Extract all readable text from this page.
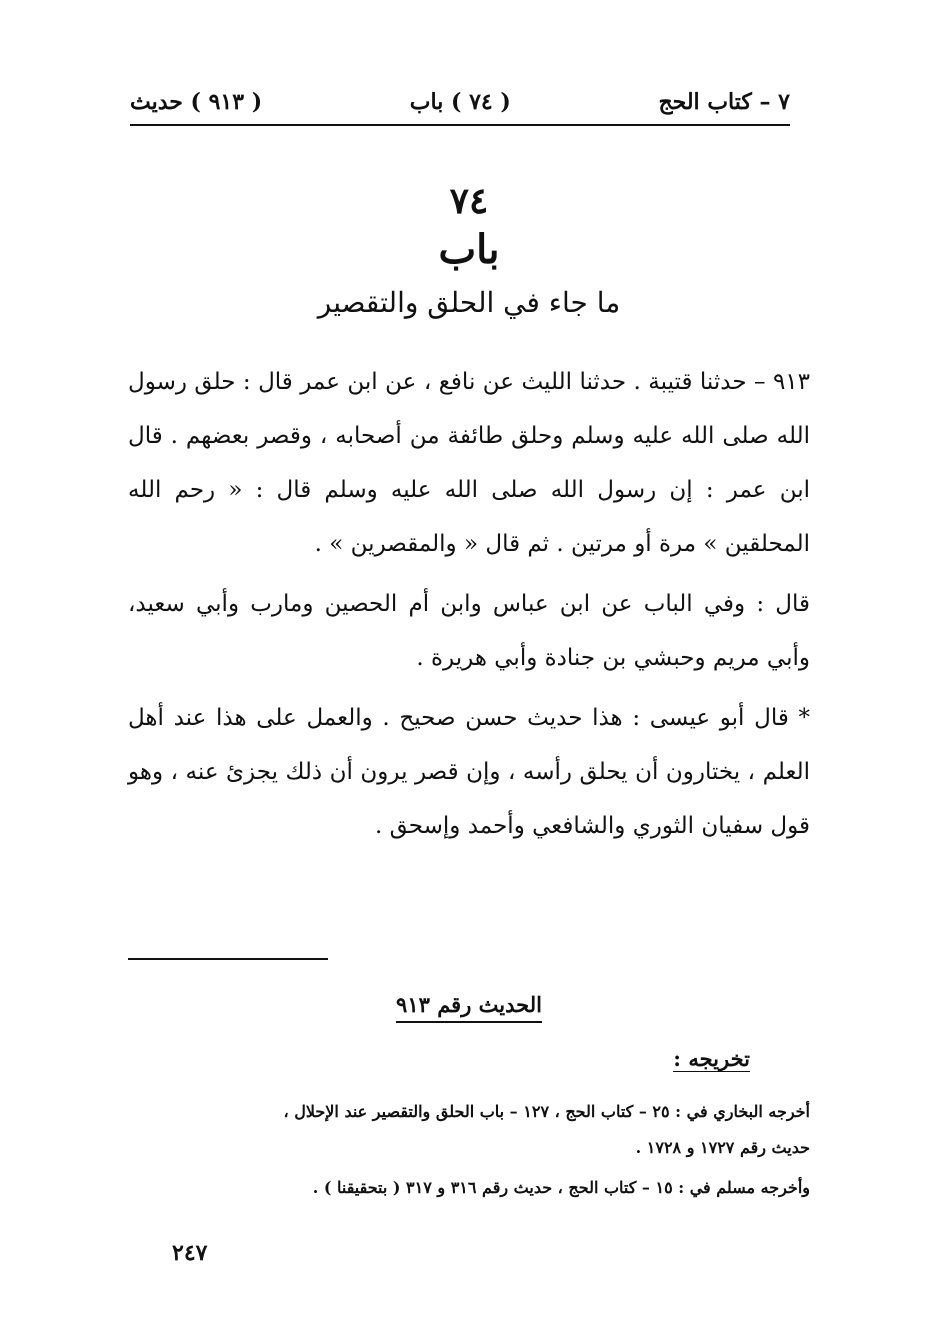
٧ – كتاب الحج
( ٧٤ ) باب
( ٩١٣ ) حديث
٧٤
باب
ما جاء في الحلق والتقصير

٩١٣ – حدثنا قتيبة . حدثنا الليث عن نافع ، عن ابن عمر قال : حلق رسول الله صلى الله عليه وسلم وحلق طائفة من أصحابه ، وقصر بعضهم . قال ابن عمر : إن رسول الله صلى الله عليه وسلم قال : « رحم الله المحلقين » مرة أو مرتين . ثم قال « والمقصرين » .

قال : وفي الباب عن ابن عباس وابن أم الحصين ومارب وأبي سعيد، وأبي مريم وحبشي بن جنادة وأبي هريرة .

* قال أبو عيسى : هذا حديث حسن صحيح . والعمل على هذا عند أهل العلم ، يختارون أن يحلق رأسه ، وإن قصر يرون أن ذلك يجزئ عنه ، وهو قول سفيان الثوري والشافعي وأحمد وإسحق .

الحديث رقم ٩١٣
تخريجه :
أخرجه البخاري في : ٢٥ – كتاب الحج ، ١٢٧ – باب الحلق والتقصير عند الإحلال ،
حديث رقم ١٧٢٧ و ١٧٢٨ .
وأخرجه مسلم في : ١٥ – كتاب الحج ، حديث رقم ٣١٦ و ٣١٧ ( بتحقيقنا ) .
٢٤٧
